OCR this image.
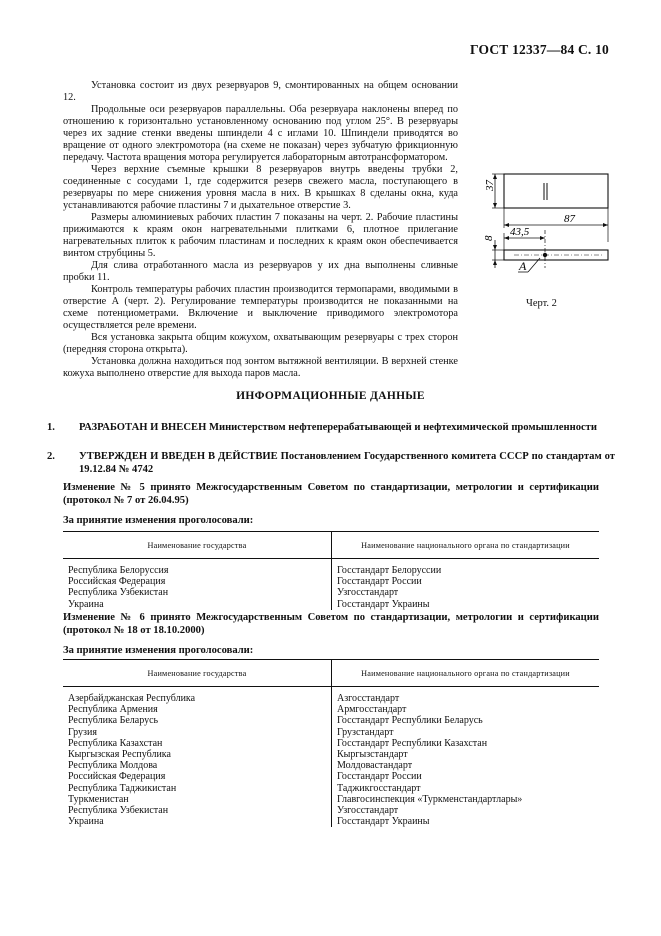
ГОСТ 12337—84 С. 10

Установка состоит из двух резервуаров 9, смонтированных на общем основании 12.

Продольные оси резервуаров параллельны. Оба резервуара наклонены вперед по отношению к горизонтально установленному основанию под углом 25°. В резервуары через их задние стенки введены шпиндели 4 с иглами 10. Шпиндели приводятся во вращение от одного электромотора (на схеме не показан) через зубчатую фрикционную передачу. Частота вращения мотора регулируется лабораторным автотрансформатором.

Через верхние съемные крышки 8 резервуаров внутрь введены трубки 2, соединенные с сосудами 1, где содержится резерв свежего масла, поступающего в резервуары по мере снижения уровня масла в них. В крышках 8 сделаны окна, куда устанавливаются рабочие пластины 7 и дыхательное отверстие 3.

Размеры алюминиевых рабочих пластин 7 показаны на черт. 2. Рабочие пластины прижимаются к краям окон нагревательными плитками 6, плотное прилегание нагревательных плиток к рабочим пластинам и последних к краям окон обеспечивается винтом струбцины 5.

Для слива отработанного масла из резервуаров у их дна выполнены сливные пробки 11.

Контроль температуры рабочих пластин производится термопарами, вводимыми в отверстие А (черт. 2). Регулирование температуры производится не показанными на схеме потенциометрами. Включение и выключение приводимого электромотора осуществляется реле времени.

Вся установка закрыта общим кожухом, охватывающим резервуары с трех сторон (передняя сторона открыта).

Установка должна находиться под зонтом вытяжной вентиляции. В верхней стенке кожуха выполнено отверстие для выхода паров масла.

37
87
43,5
8
A
Черт. 2
ИНФОРМАЦИОННЫЕ ДАННЫЕ
1. РАЗРАБОТАН И ВНЕСЕН Министерством нефтеперерабатывающей и нефтехимической промышленности
2. УТВЕРЖДЕН И ВВЕДЕН В ДЕЙСТВИЕ Постановлением Государственного комитета СССР по стандартам от 19.12.84 № 4742
Изменение № 5 принято Межгосударственным Советом по стандартизации, метрологии и сертификации (протокол № 7 от 26.04.95)
За принятие изменения проголосовали:
Наименование государства	Наименование национального органа по стандартизации
Республика Белоруссия	Госстандарт Белоруссии
Российская Федерация	Госстандарт России
Республика Узбекистан	Узгосстандарт
Украина	Госстандарт Украины
Изменение № 6 принято Межгосударственным Советом по стандартизации, метрологии и сертификации (протокол № 18 от 18.10.2000)
За принятие изменения проголосовали:
Наименование государства	Наименование национального органа по стандартизации
Азербайджанская Республика	Азгосстандарт
Республика Армения	Армгосстандарт
Республика Беларусь	Госстандарт Республики Беларусь
Грузия	Грузстандарт
Республика Казахстан	Госстандарт Республики Казахстан
Кыргызская Республика	Кыргызстандарт
Республика Молдова	Молдовастандарт
Российская Федерация	Госстандарт России
Республика Таджикистан	Таджикгосстандарт
Туркменистан	Главгосинспекция «Туркменстандартлары»
Республика Узбекистан	Узгосстандарт
Украина	Госстандарт Украины
